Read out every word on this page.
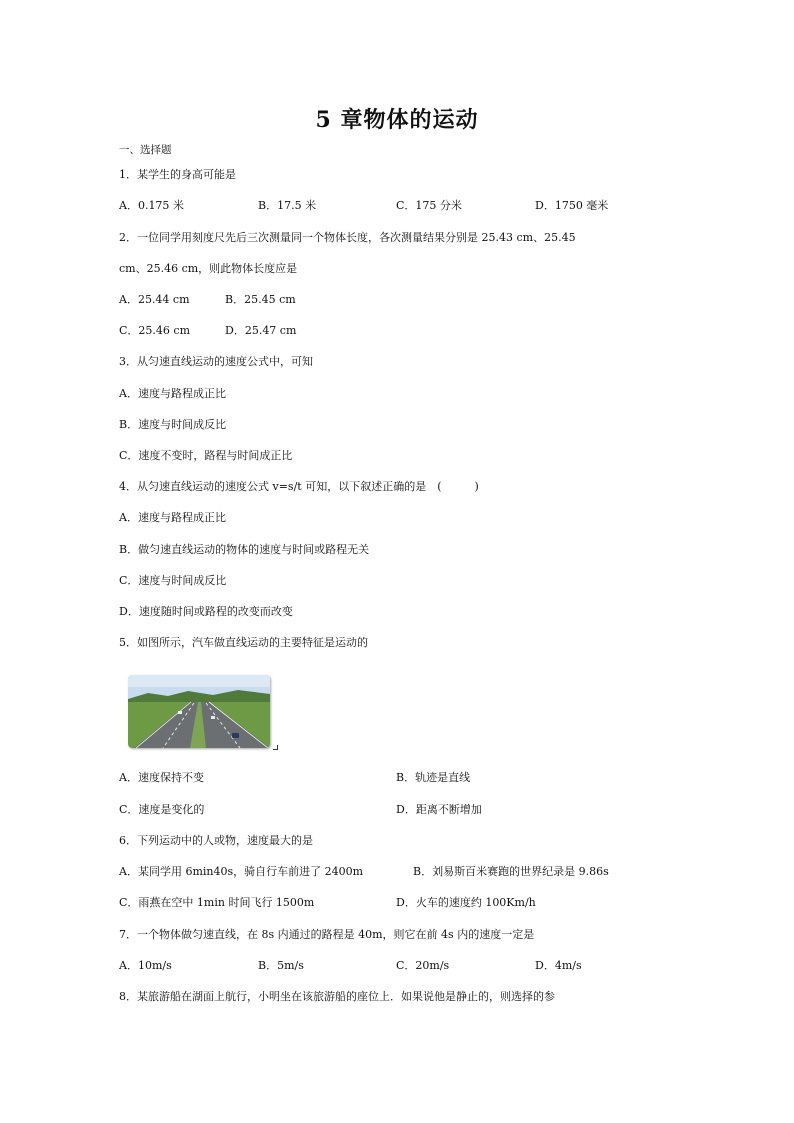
5 章物体的运动
一、选择题
1．某学生的身高可能是
A．0.175 米	B．17.5 米	C．175 分米	D．1750 毫米
2．一位同学用刻度尺先后三次测量同一个物体长度，各次测量结果分别是 25.43 cm、25.45
cm、25.46 cm，则此物体长度应是
A．25.44 cm	B．25.45 cm
C．25.46 cm	D．25.47 cm
3．从匀速直线运动的速度公式中，可知
A．速度与路程成正比
B．速度与时间成反比
C．速度不变时，路程与时间成正比
4．从匀速直线运动的速度公式 v=s/t 可知，以下叙述正确的是　(　　　)
A．速度与路程成正比
B．做匀速直线运动的物体的速度与时间或路程无关
C．速度与时间成反比
D．速度随时间或路程的改变而改变
5．如图所示，汽车做直线运动的主要特征是运动的
A．速度保持不变	B．轨迹是直线
C．速度是变化的	D．距离不断增加
6．下列运动中的人或物，速度最大的是
A．某同学用 6min40s，骑自行车前进了 2400m	B．刘易斯百米赛跑的世界纪录是 9.86s
C．雨燕在空中 1min 时间飞行 1500m	D．火车的速度约 100Km/h
7．一个物体做匀速直线，在 8s 内通过的路程是 40m，则它在前 4s 内的速度一定是
A．10m/s	B．5m/s	C．20m/s	D．4m/s
8．某旅游船在湖面上航行，小明坐在该旅游船的座位上．如果说他是静止的，则选择的参
